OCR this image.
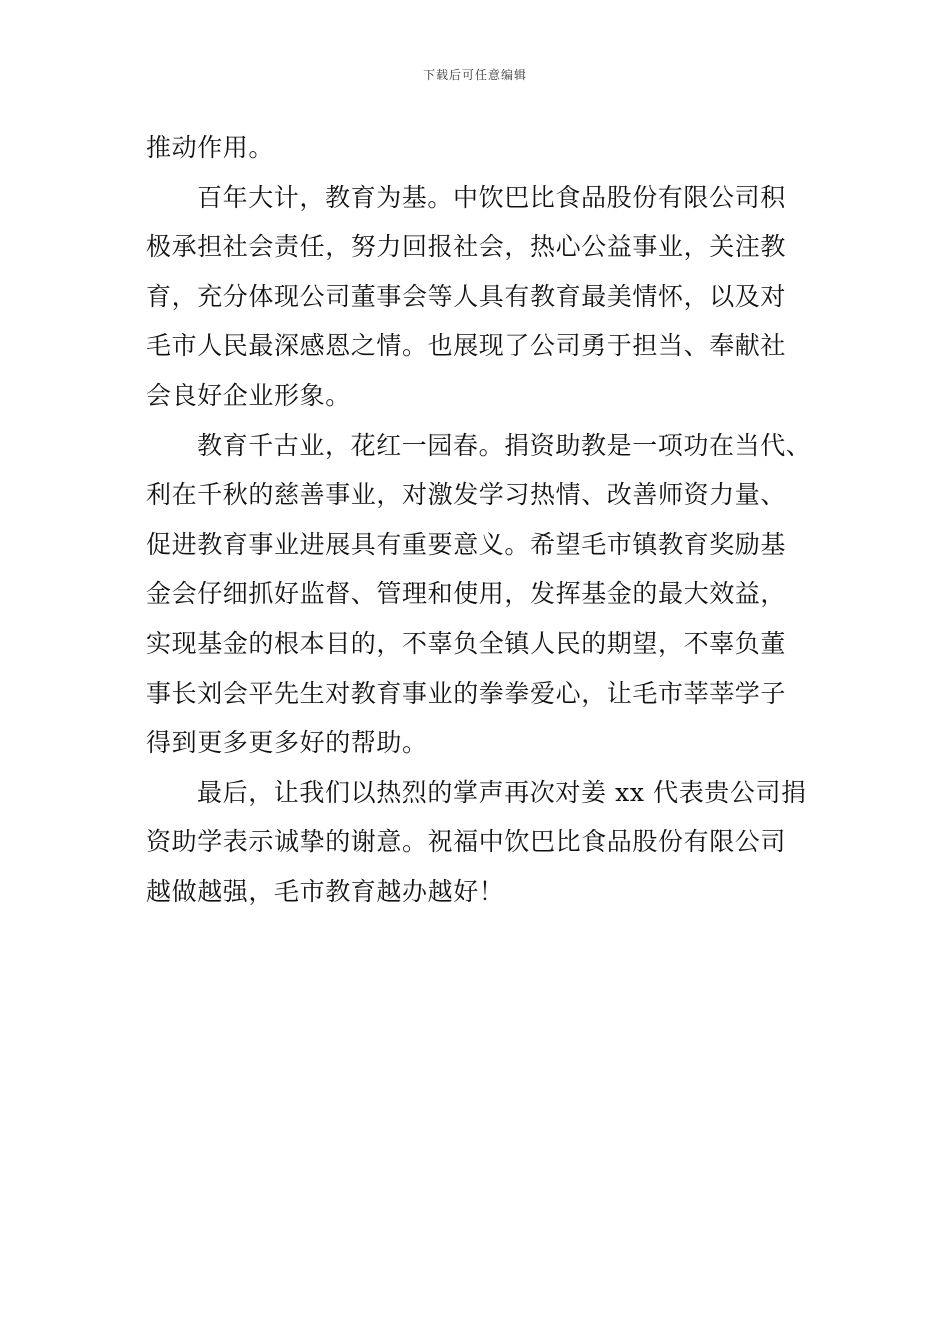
下载后可任意编辑
推动作用。
百年大计，教育为基。中饮巴比食品股份有限公司积
极承担社会责任，努力回报社会，热心公益事业，关注教
育，充分体现公司董事会等人具有教育最美情怀，以及对
毛市人民最深感恩之情。也展现了公司勇于担当、奉献社
会良好企业形象。
教育千古业，花红一园春。捐资助教是一项功在当代、
利在千秋的慈善事业，对激发学习热情、改善师资力量、
促进教育事业进展具有重要意义。希望毛市镇教育奖励基
金会仔细抓好监督、管理和使用，发挥基金的最大效益，
实现基金的根本目的，不辜负全镇人民的期望，不辜负董
事长刘会平先生对教育事业的拳拳爱心，让毛市莘莘学子
得到更多更多好的帮助。
最后，让我们以热烈的掌声再次对姜 xx 代表贵公司捐
资助学表示诚挚的谢意。祝福中饮巴比食品股份有限公司
越做越强，毛市教育越办越好！
